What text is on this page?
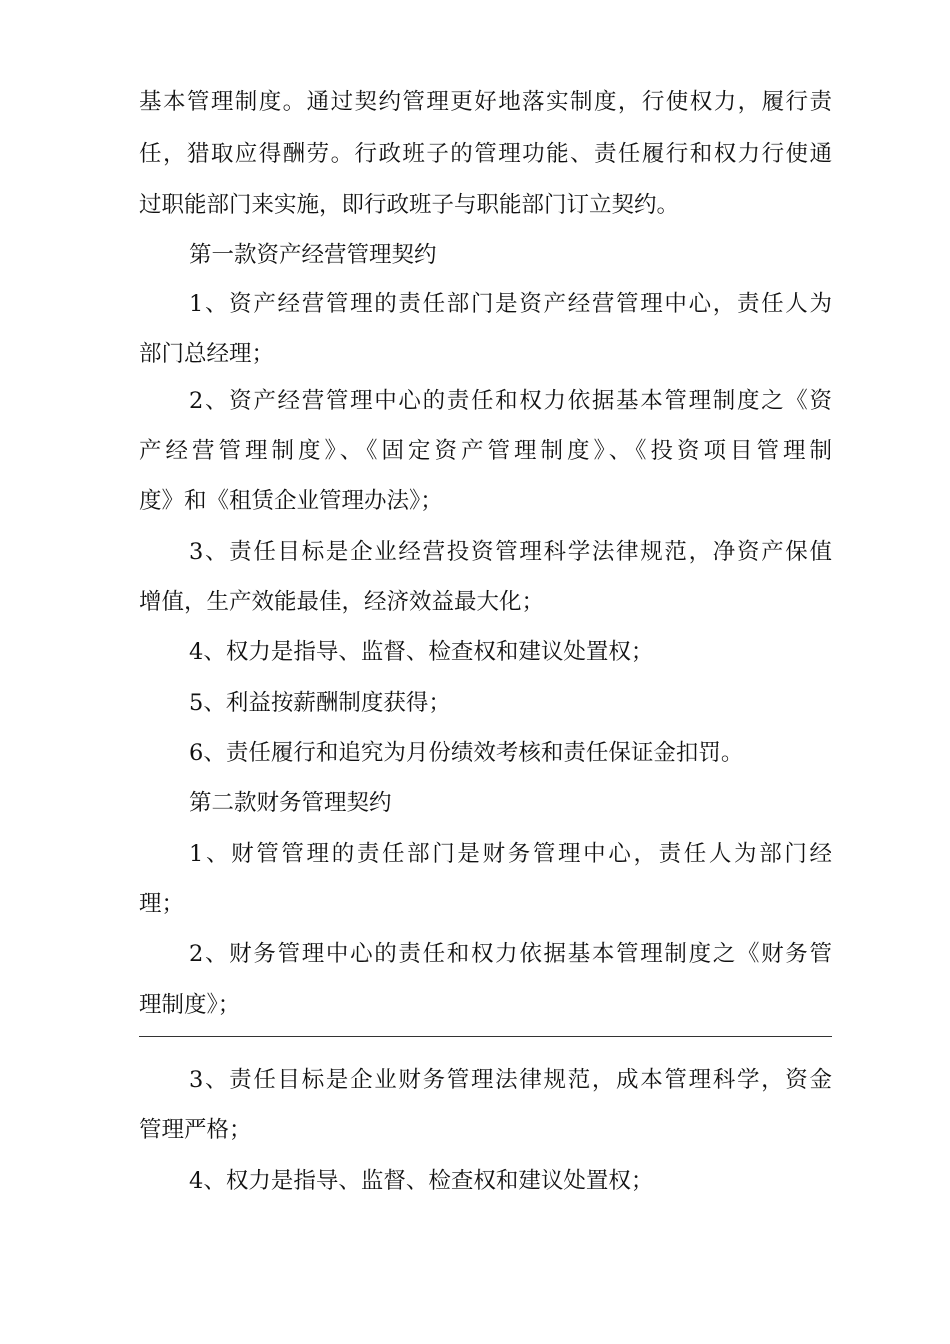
基本管理制度。通过契约管理更好地落实制度，行使权力，履行责
任，猎取应得酬劳。行政班子的管理功能、责任履行和权力行使通
过职能部门来实施，即行政班子与职能部门订立契约。
第一款资产经营管理契约
1、资产经营管理的责任部门是资产经营管理中心，责任人为
部门总经理；
2、资产经营管理中心的责任和权力依据基本管理制度之《资
产经营管理制度》、《固定资产管理制度》、《投资项目管理制
度》和《租赁企业管理办法》；
3、责任目标是企业经营投资管理科学法律规范，净资产保值
增值，生产效能最佳，经济效益最大化；
4、权力是指导、监督、检查权和建议处置权；
5、利益按薪酬制度获得；
6、责任履行和追究为月份绩效考核和责任保证金扣罚。
第二款财务管理契约
1、财管管理的责任部门是财务管理中心，责任人为部门经
理；
2、财务管理中心的责任和权力依据基本管理制度之《财务管
理制度》；
3、责任目标是企业财务管理法律规范，成本管理科学，资金
管理严格；
4、权力是指导、监督、检查权和建议处置权；
